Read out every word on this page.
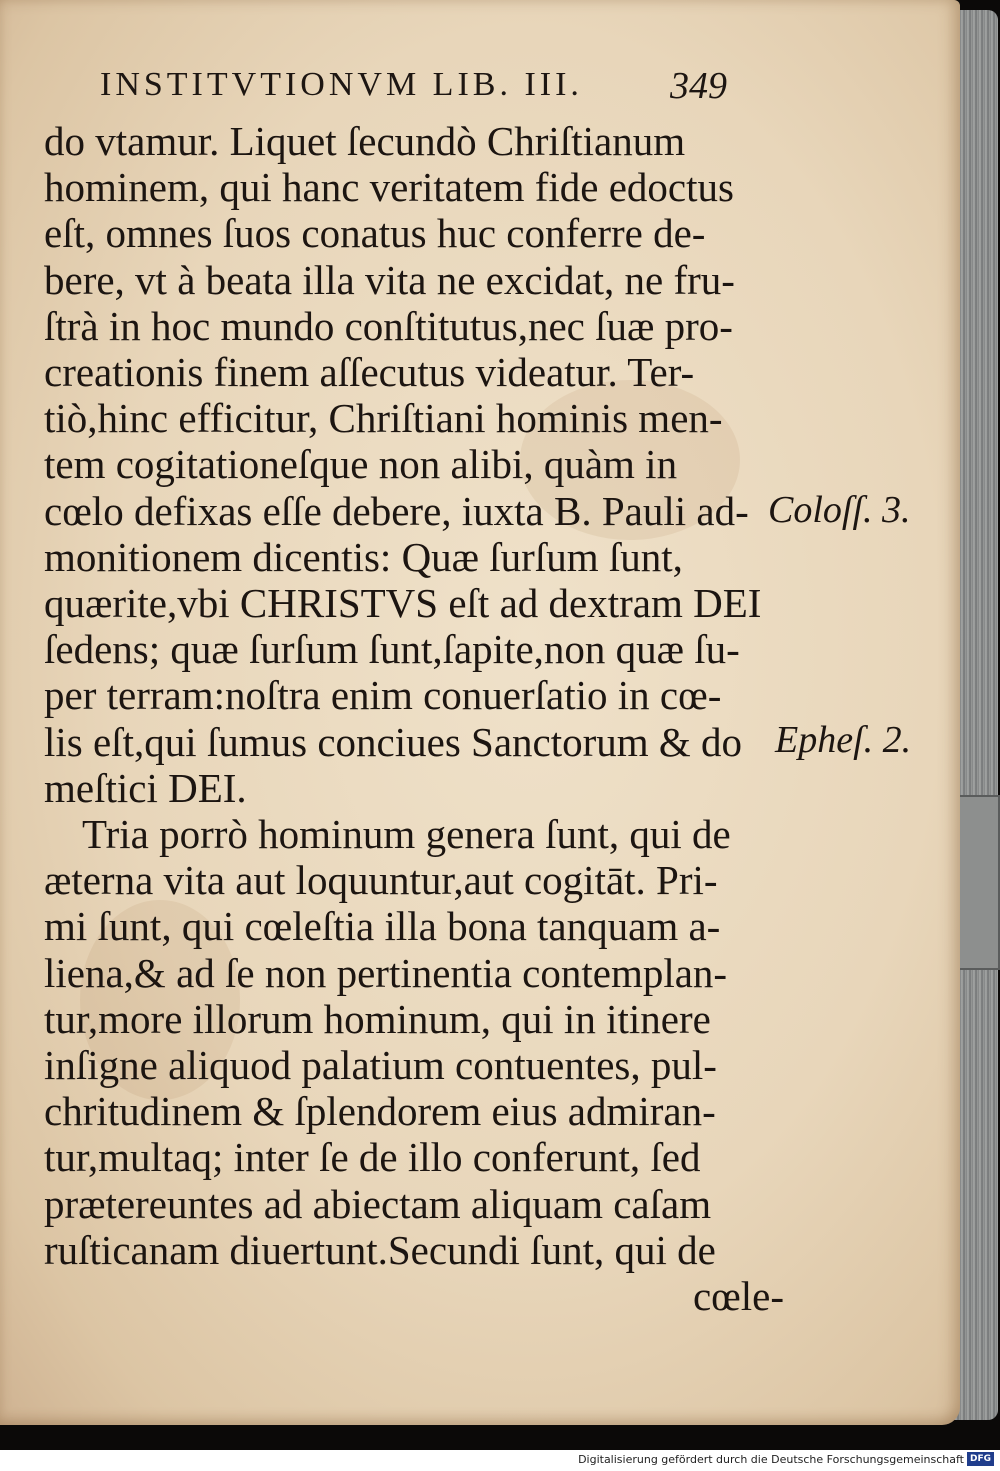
INSTITVTIONVM LIB. III. 349
do vtamur. Liquet ſecundò Chriſtianum
hominem, qui hanc veritatem fide edoctus
eſt, omnes ſuos conatus huc conferre de-
bere, vt à beata illa vita ne excidat, ne fru-
ſtrà in hoc mundo conſtitutus,nec ſuæ pro-
creationis finem aſſecutus videatur. Ter-
tiò,hinc efficitur, Chriſtiani hominis men-
tem cogitationeſque non alibi, quàm in
cœlo defixas eſſe debere, iuxta B. Pauli ad-
monitionem dicentis: Quæ ſurſum ſunt,
quærite,vbi CHRISTVS eſt ad dextram DEI
ſedens; quæ ſurſum ſunt,ſapite,non quæ ſu-
per terram:noſtra enim conuerſatio in cœ-
lis eſt,qui ſumus conciues Sanctorum & do
meſtici DEI.
Tria porrò hominum genera ſunt, qui de
æterna vita aut loquuntur,aut cogitāt. Pri-
mi ſunt, qui cœleſtia illa bona tanquam a-
liena,& ad ſe non pertinentia contemplan-
tur,more illorum hominum, qui in itinere
inſigne aliquod palatium contuentes, pul-
chritudinem & ſplendorem eius admiran-
tur,multaq; inter ſe de illo conferunt, ſed
prætereuntes ad abiectam aliquam caſam
ruſticanam diuertunt.Secundi ſunt, qui de
cœle-
Coloſſ. 3.
Epheſ. 2.
Digitalisierung gefördert durch die Deutsche Forschungsgemeinschaft DFG
